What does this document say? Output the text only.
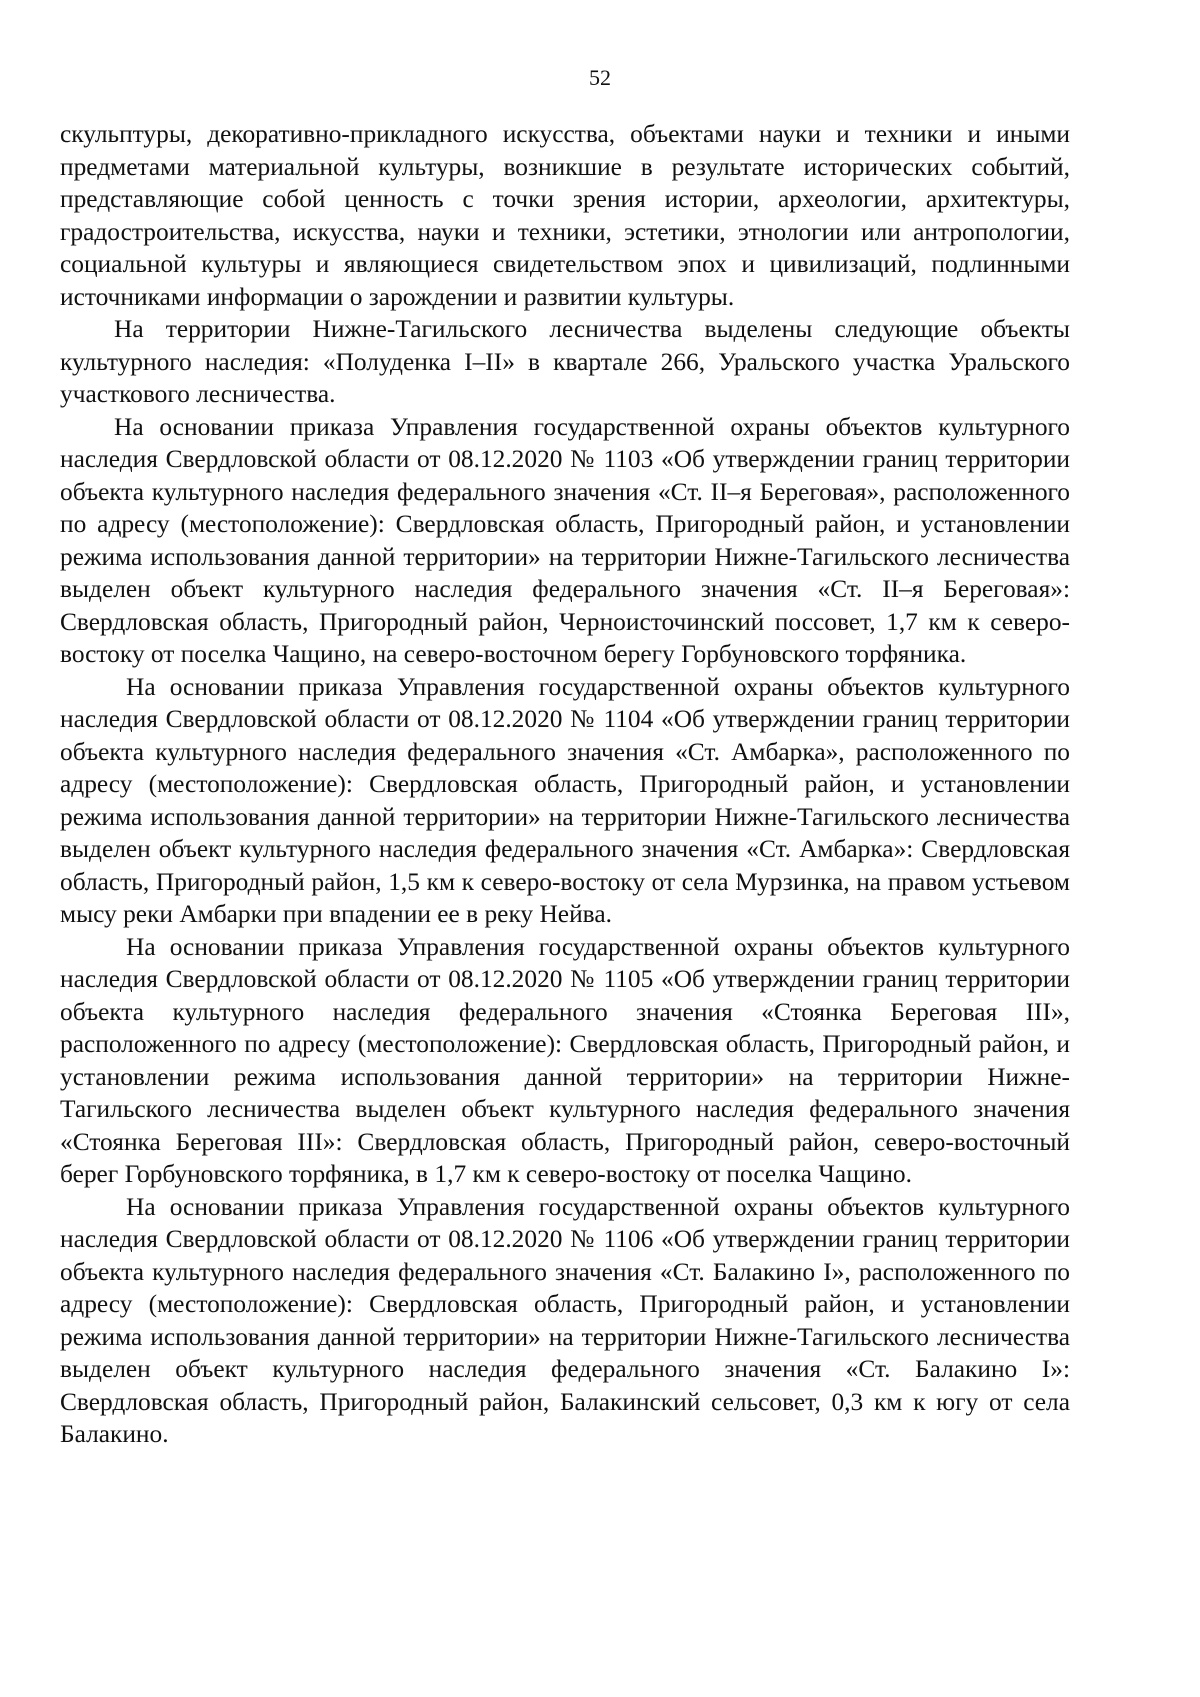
52

скульптуры, декоративно-прикладного искусства, объектами науки и техники и иными предметами материальной культуры, возникшие в результате исторических событий, представляющие собой ценность с точки зрения истории, археологии, архитектуры, градостроительства, искусства, науки и техники, эстетики, этнологии или антропологии, социальной культуры и являющиеся свидетельством эпох и цивилизаций, подлинными источниками информации о зарождении и развитии культуры.

На территории Нижне-Тагильского лесничества выделены следующие объекты культурного наследия: «Полуденка I–II» в квартале 266, Уральского участка Уральского участкового лесничества.

На основании приказа Управления государственной охраны объектов культурного наследия Свердловской области от 08.12.2020 № 1103 «Об утверждении границ территории объекта культурного наследия федерального значения «Ст. II–я Береговая», расположенного по адресу (местоположение): Свердловская область, Пригородный район, и установлении режима использования данной территории» на территории Нижне-Тагильского лесничества выделен объект культурного наследия федерального значения «Ст. II–я Береговая»: Свердловская область, Пригородный район, Черноисточинский поссовет, 1,7 км к северо-востоку от поселка Чащино, на северо-восточном берегу Горбуновского торфяника.

На основании приказа Управления государственной охраны объектов культурного наследия Свердловской области от 08.12.2020 № 1104 «Об утверждении границ территории объекта культурного наследия федерального значения «Ст. Амбарка», расположенного по адресу (местоположение): Свердловская область, Пригородный район, и установлении режима использования данной территории» на территории Нижне-Тагильского лесничества выделен объект культурного наследия федерального значения «Ст. Амбарка»: Свердловская область, Пригородный район, 1,5 км к северо-востоку от села Мурзинка, на правом устьевом мысу реки Амбарки при впадении ее в реку Нейва.

На основании приказа Управления государственной охраны объектов культурного наследия Свердловской области от 08.12.2020 № 1105 «Об утверждении границ территории объекта культурного наследия федерального значения «Стоянка Береговая III», расположенного по адресу (местоположение): Свердловская область, Пригородный район, и установлении режима использования данной территории» на территории Нижне-Тагильского лесничества выделен объект культурного наследия федерального значения «Стоянка Береговая III»: Свердловская область, Пригородный район, северо-восточный берег Горбуновского торфяника, в 1,7 км к северо-востоку от поселка Чащино.

На основании приказа Управления государственной охраны объектов культурного наследия Свердловской области от 08.12.2020 № 1106 «Об утверждении границ территории объекта культурного наследия федерального значения «Ст. Балакино I», расположенного по адресу (местоположение): Свердловская область, Пригородный район, и установлении режима использования данной территории» на территории Нижне-Тагильского лесничества выделен объект культурного наследия федерального значения «Ст. Балакино I»: Свердловская область, Пригородный район, Балакинский сельсовет, 0,3 км к югу от села Балакино.
